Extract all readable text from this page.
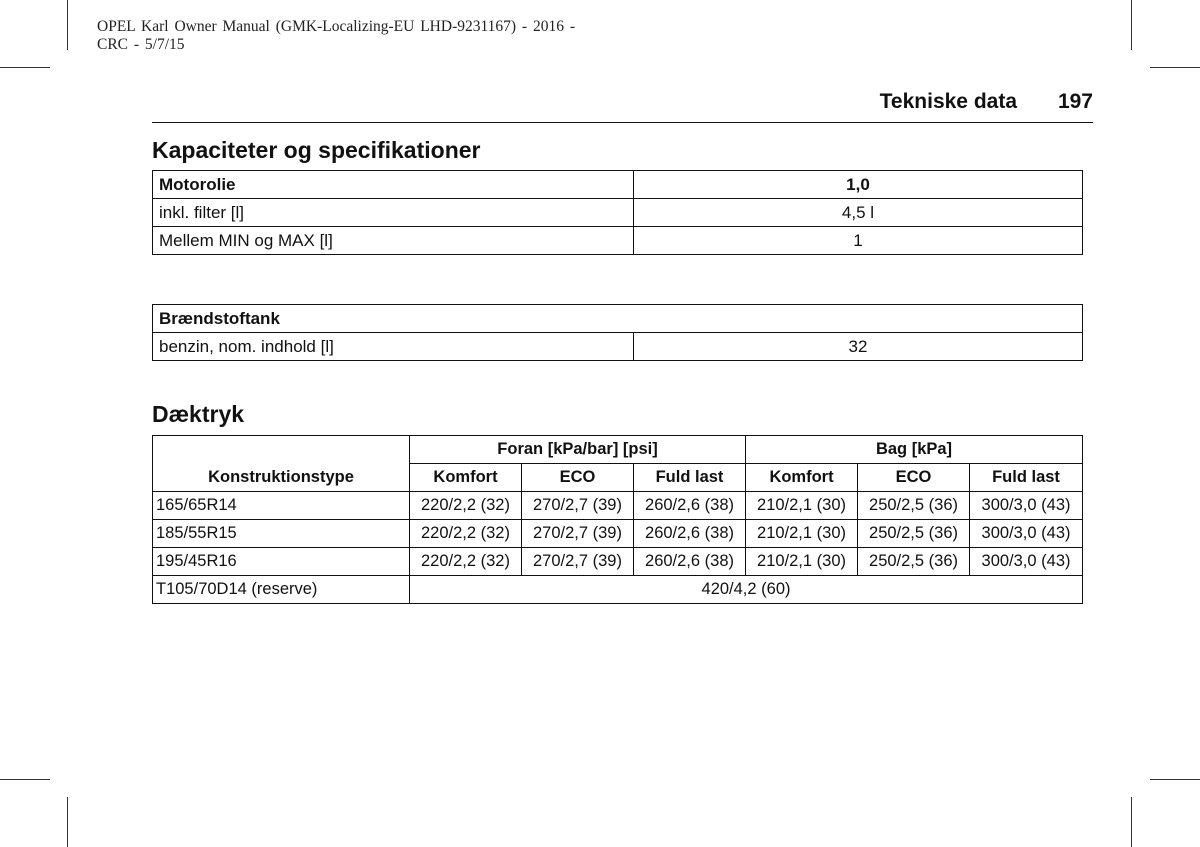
OPEL Karl Owner Manual (GMK-Localizing-EU LHD-9231167) - 2016 -
CRC - 5/7/15
Tekniske data 197
Kapaciteter og specifikationer
Motorolie	1,0
inkl. filter [l]	4,5 l
Mellem MIN og MAX [l]	1
Brændstoftank
benzin, nom. indhold [l]	32
Dæktryk
Konstruktionstype	Foran [kPa/bar] [psi]			Bag [kPa]		
	Komfort	ECO	Fuld last	Komfort	ECO	Fuld last
165/65R14	220/2,2 (32)	270/2,7 (39)	260/2,6 (38)	210/2,1 (30)	250/2,5 (36)	300/3,0 (43)
185/55R15	220/2,2 (32)	270/2,7 (39)	260/2,6 (38)	210/2,1 (30)	250/2,5 (36)	300/3,0 (43)
195/45R16	220/2,2 (32)	270/2,7 (39)	260/2,6 (38)	210/2,1 (30)	250/2,5 (36)	300/3,0 (43)
T105/70D14 (reserve)	420/4,2 (60)					
